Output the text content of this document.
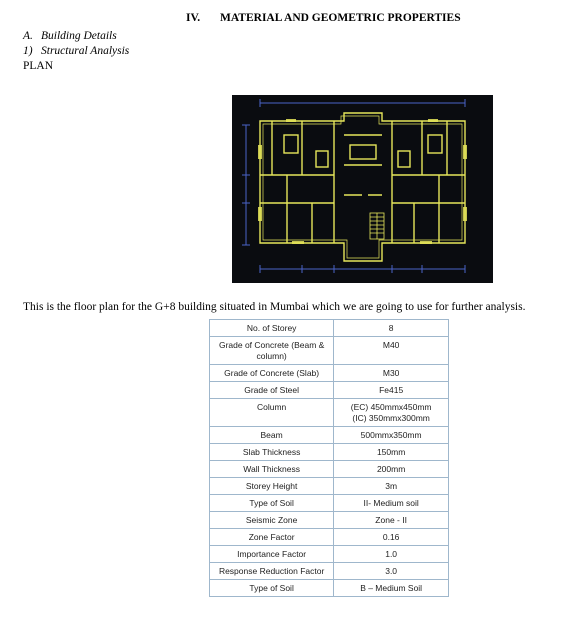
IV. MATERIAL AND GEOMETRIC PROPERTIES
A. Building Details
1) Structural Analysis
PLAN
This is the floor plan for the G+8 building situated in Mumbai which we are going to use for further analysis.
No. of Storey	8

Grade of Concrete (Beam & column)	M40

Grade of Concrete (Slab)	M30

Grade of Steel	Fe415

Column	(EC) 450mmx450mm
(IC) 350mmx300mm

Beam	500mmx350mm

Slab Thickness	150mm

Wall Thickness	200mm

Storey Height	3m

Type of Soil	II- Medium soil

Seismic Zone	Zone - II

Zone Factor	0.16

Importance Factor	1.0

Response Reduction Factor	3.0

Type of Soil	B – Medium Soil
